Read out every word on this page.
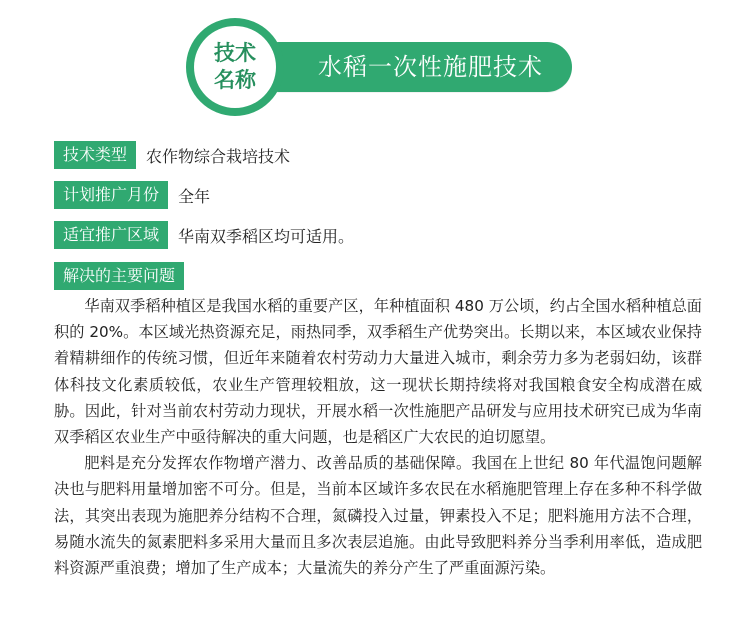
水稻一次性施肥技术
技术
名称
技术类型	农作物综合栽培技术
计划推广月份	全年
适宜推广区域	华南双季稻区均可适用。
解决的主要问题

华南双季稻种植区是我国水稻的重要产区，年种植面积 480 万公顷，约占全国水稻种植总面积的 20%。本区域光热资源充足，雨热同季，双季稻生产优势突出。长期以来，本区域农业保持着精耕细作的传统习惯，但近年来随着农村劳动力大量进入城市，剩余劳力多为老弱妇幼，该群体科技文化素质较低，农业生产管理较粗放，这一现状长期持续将对我国粮食安全构成潜在威胁。因此，针对当前农村劳动力现状，开展水稻一次性施肥产品研发与应用技术研究已成为华南双季稻区农业生产中亟待解决的重大问题，也是稻区广大农民的迫切愿望。

肥料是充分发挥农作物增产潜力、改善品质的基础保障。我国在上世纪 80 年代温饱问题解决也与肥料用量增加密不可分。但是，当前本区域许多农民在水稻施肥管理上存在多种不科学做法，其突出表现为施肥养分结构不合理，氮磷投入过量，钾素投入不足；肥料施用方法不合理，易随水流失的氮素肥料多采用大量而且多次表层追施。由此导致肥料养分当季利用率低，造成肥料资源严重浪费；增加了生产成本；大量流失的养分产生了严重面源污染。
